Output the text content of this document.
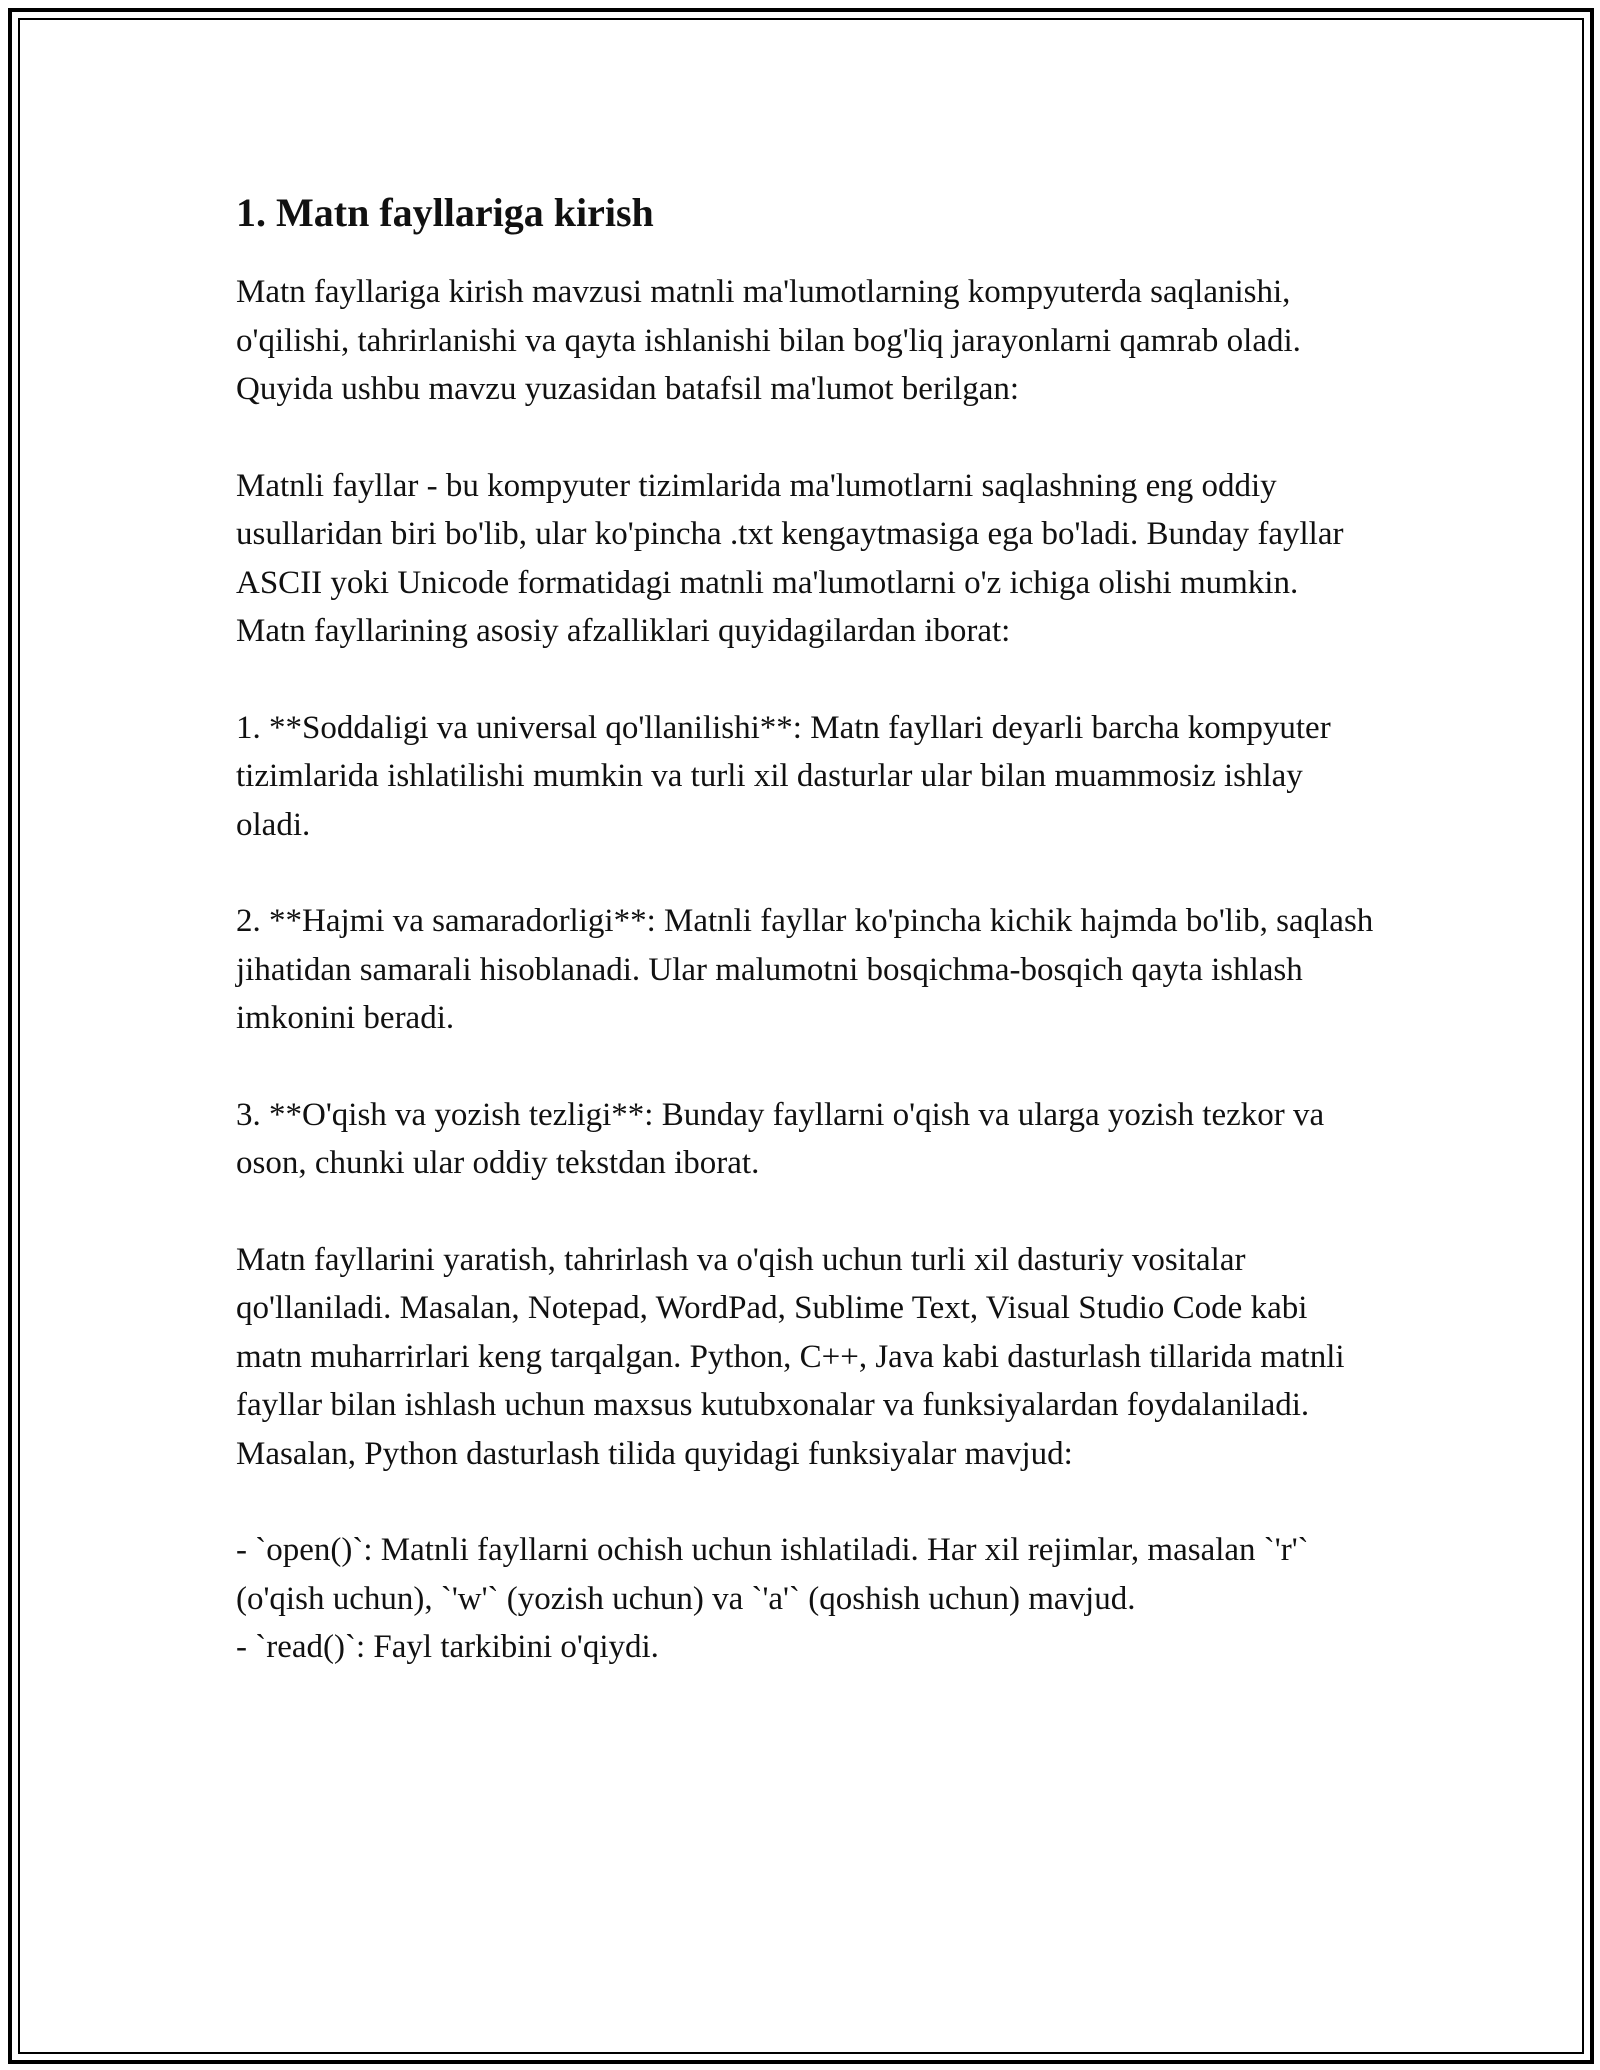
1. Matn fayllariga kirish

Matn fayllariga kirish mavzusi matnli ma'lumotlarning kompyuterda saqlanishi, o'qilishi, tahrirlanishi va qayta ishlanishi bilan bog'liq jarayonlarni qamrab oladi. Quyida ushbu mavzu yuzasidan batafsil ma'lumot berilgan:

Matnli fayllar - bu kompyuter tizimlarida ma'lumotlarni saqlashning eng oddiy usullaridan biri bo'lib, ular ko'pincha .txt kengaytmasiga ega bo'ladi. Bunday fayllar ASCII yoki Unicode formatidagi matnli ma'lumotlarni o'z ichiga olishi mumkin. Matn fayllarining asosiy afzalliklari quyidagilardan iborat:

1. **Soddaligi va universal qo'llanilishi**: Matn fayllari deyarli barcha kompyuter tizimlarida ishlatilishi mumkin va turli xil dasturlar ular bilan muammosiz ishlay oladi.

2. **Hajmi va samaradorligi**: Matnli fayllar ko'pincha kichik hajmda bo'lib, saqlash jihatidan samarali hisoblanadi. Ular malumotni bosqichma-bosqich qayta ishlash imkonini beradi.

3. **O'qish va yozish tezligi**: Bunday fayllarni o'qish va ularga yozish tezkor va oson, chunki ular oddiy tekstdan iborat.

Matn fayllarini yaratish, tahrirlash va o'qish uchun turli xil dasturiy vositalar qo'llaniladi. Masalan, Notepad, WordPad, Sublime Text, Visual Studio Code kabi matn muharrirlari keng tarqalgan. Python, C++, Java kabi dasturlash tillarida matnli fayllar bilan ishlash uchun maxsus kutubxonalar va funksiyalardan foydalaniladi. Masalan, Python dasturlash tilida quyidagi funksiyalar mavjud:

- `open()`: Matnli fayllarni ochish uchun ishlatiladi. Har xil rejimlar, masalan `'r'` (o'qish uchun), `'w'` (yozish uchun) va `'a'` (qoshish uchun) mavjud.

- `read()`: Fayl tarkibini o'qiydi.
